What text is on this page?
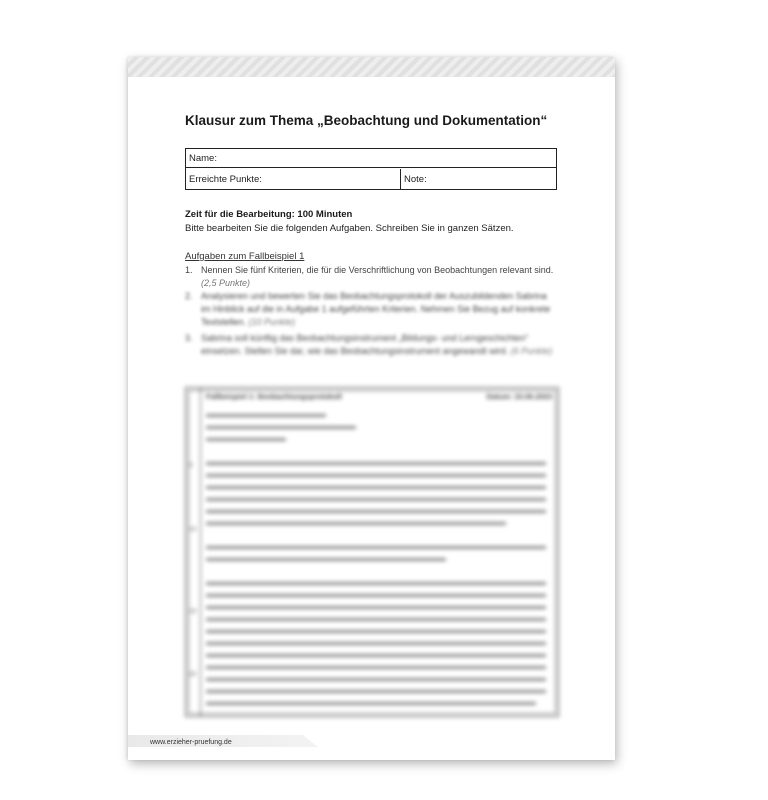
Klausur zum Thema „Beobachtung und Dokumentation“
Name:
Erreichte Punkte:	Note:
Zeit für die Bearbeitung: 100 Minuten
Bitte bearbeiten Sie die folgenden Aufgaben. Schreiben Sie in ganzen Sätzen.
Aufgaben zum Fallbeispiel 1
1. Nennen Sie fünf Kriterien, die für die Verschriftlichung von Beobachtungen relevant sind. (2,5 Punkte)
2. Analysieren und bewerten Sie das Beobachtungsprotokoll der Auszubildenden Sabrina im Hinblick auf die in Aufgabe 1 aufgeführten Kriterien. Nehmen Sie Bezug auf konkrete Textstellen. (10 Punkte)
3. Sabrina soll künftig das Beobachtungsinstrument „Bildungs- und Lerngeschichten“ einsetzen. Stellen Sie dar, wie das Beobachtungsinstrument angewandt wird. (6 Punkte)
Fallbeispiel 1: Beobachtungsprotokoll	Datum: 23.06.2023
5
10
15
20
www.erzieher-pruefung.de
